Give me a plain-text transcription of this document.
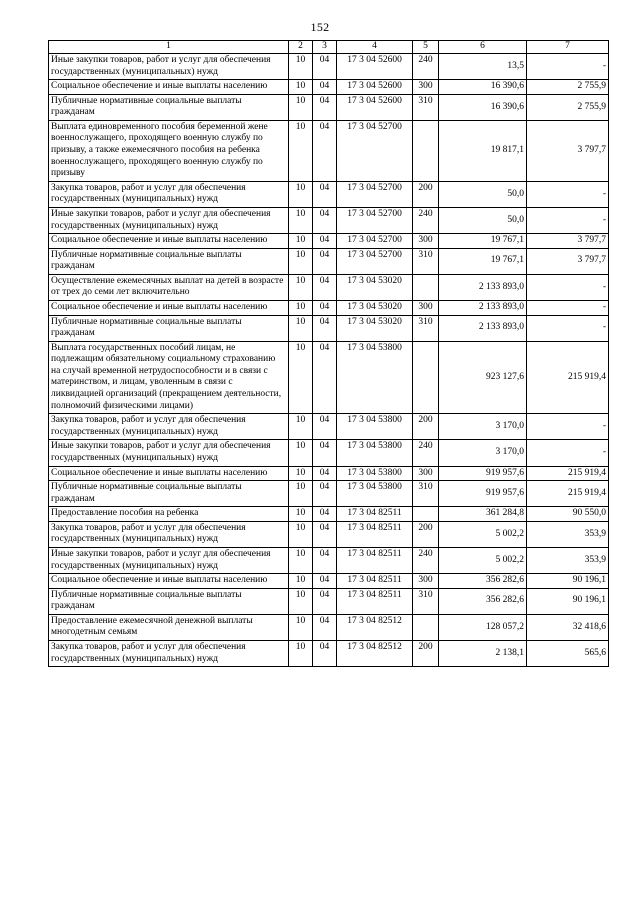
152
1	2	3	4	5	6	7
Иные закупки товаров, работ и услуг для обеспечения государственных (муниципальных) нужд	10	04	17 3 04 52600	240	13,5	-
Социальное обеспечение и иные выплаты населению	10	04	17 3 04 52600	300	16 390,6	2 755,9
Публичные нормативные социальные выплаты гражданам	10	04	17 3 04 52600	310	16 390,6	2 755,9
Выплата единовременного пособия беременной жене военнослужащего, проходящего военную службу по призыву, а также ежемесячного пособия на ребенка военнослужащего, проходящего военную службу по призыву	10	04	17 3 04 52700		19 817,1	3 797,7
Закупка товаров, работ и услуг для обеспечения государственных (муниципальных) нужд	10	04	17 3 04 52700	200	50,0	-
Иные закупки товаров, работ и услуг для обеспечения государственных (муниципальных) нужд	10	04	17 3 04 52700	240	50,0	-
Социальное обеспечение и иные выплаты населению	10	04	17 3 04 52700	300	19 767,1	3 797,7
Публичные нормативные социальные выплаты гражданам	10	04	17 3 04 52700	310	19 767,1	3 797,7
Осуществление ежемесячных выплат на детей в возрасте от трех до семи лет включительно	10	04	17 3 04 53020		2 133 893,0	-
Социальное обеспечение и иные выплаты населению	10	04	17 3 04 53020	300	2 133 893,0	-
Публичные нормативные социальные выплаты гражданам	10	04	17 3 04 53020	310	2 133 893,0	-
Выплата государственных пособий лицам, не подлежащим обязательному социальному страхованию на случай временной нетрудоспособности и в связи с материнством, и лицам, уволенным в связи с ликвидацией организаций (прекращением деятельности, полномочий физическими лицами)	10	04	17 3 04 53800		923 127,6	215 919,4
Закупка товаров, работ и услуг для обеспечения государственных (муниципальных) нужд	10	04	17 3 04 53800	200	3 170,0	-
Иные закупки товаров, работ и услуг для обеспечения государственных (муниципальных) нужд	10	04	17 3 04 53800	240	3 170,0	-
Социальное обеспечение и иные выплаты населению	10	04	17 3 04 53800	300	919 957,6	215 919,4
Публичные нормативные социальные выплаты гражданам	10	04	17 3 04 53800	310	919 957,6	215 919,4
Предоставление пособия на ребенка	10	04	17 3 04 82511		361 284,8	90 550,0
Закупка товаров, работ и услуг для обеспечения государственных (муниципальных) нужд	10	04	17 3 04 82511	200	5 002,2	353,9
Иные закупки товаров, работ и услуг для обеспечения государственных (муниципальных) нужд	10	04	17 3 04 82511	240	5 002,2	353,9
Социальное обеспечение и иные выплаты населению	10	04	17 3 04 82511	300	356 282,6	90 196,1
Публичные нормативные социальные выплаты гражданам	10	04	17 3 04 82511	310	356 282,6	90 196,1
Предоставление ежемесячной денежной выплаты многодетным семьям	10	04	17 3 04 82512		128 057,2	32 418,6
Закупка товаров, работ и услуг для обеспечения государственных (муниципальных) нужд	10	04	17 3 04 82512	200	2 138,1	565,6
